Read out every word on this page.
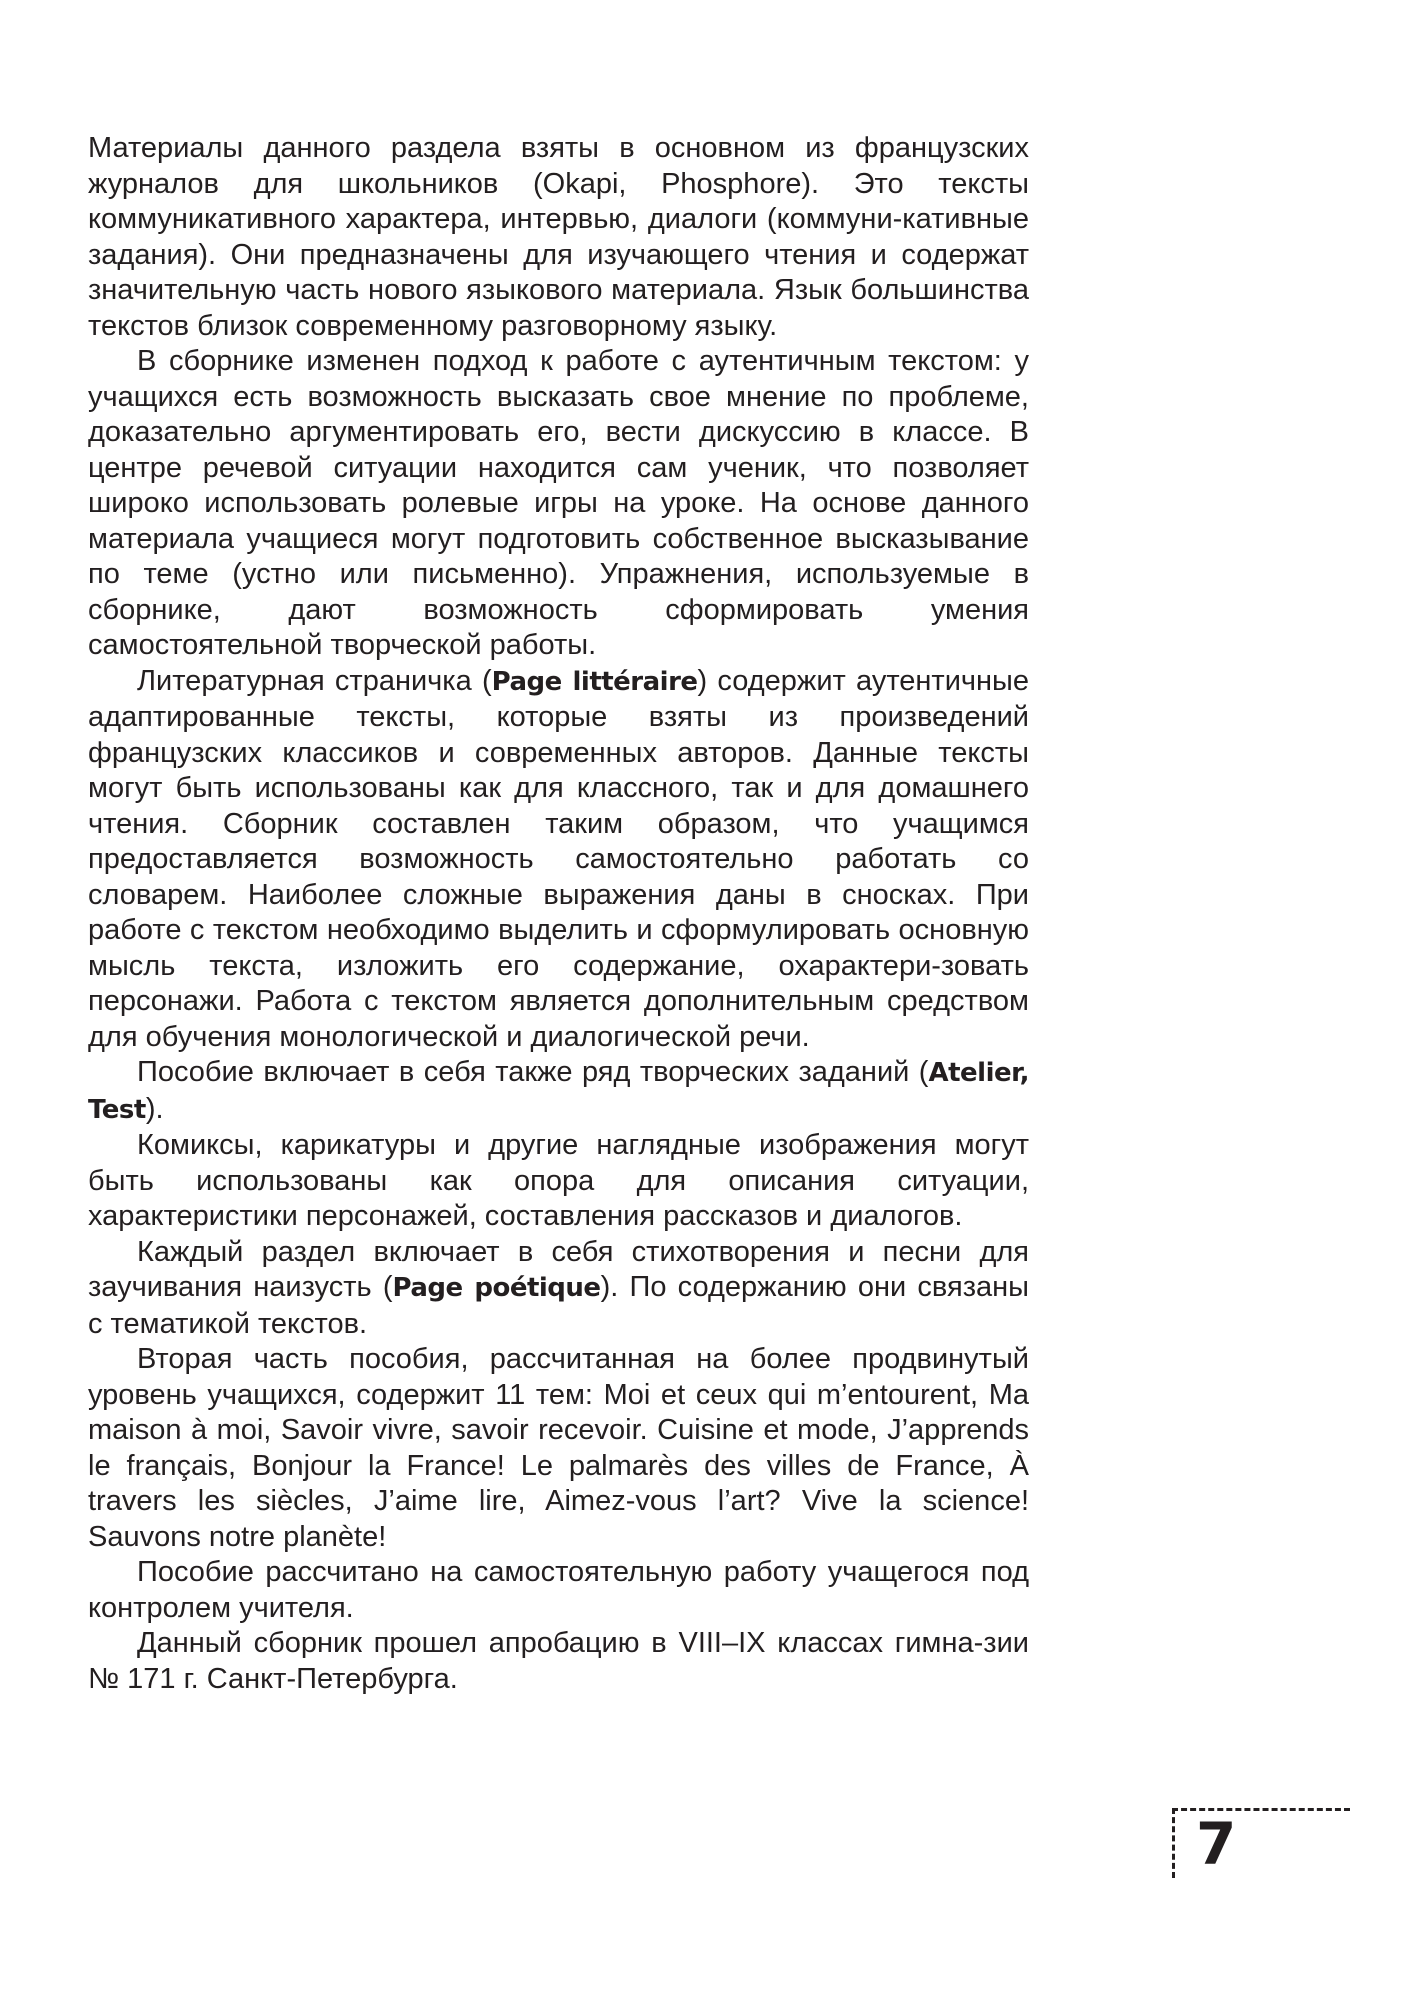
Материалы данного раздела взяты в основном из французских журналов для школьников (Okapi, Phosphore). Это тексты коммуникативного характера, интервью, диалоги (коммуни-кативные задания). Они предназначены для изучающего чтения и содержат значительную часть нового языкового материала. Язык большинства текстов близок современному разговорному языку.

В сборнике изменен подход к работе с аутентичным текстом: у учащихся есть возможность высказать свое мнение по проблеме, доказательно аргументировать его, вести дискуссию в классе. В центре речевой ситуации находится сам ученик, что позволяет широко использовать ролевые игры на уроке. На основе данного материала учащиеся могут подготовить собственное высказывание по теме (устно или письменно). Упражнения, используемые в сборнике, дают возможность сформировать умения самостоятельной творческой работы.

Литературная страничка (Page littéraire) содержит аутентичные адаптированные тексты, которые взяты из произведений французских классиков и современных авторов. Данные тексты могут быть использованы как для классного, так и для домашнего чтения. Сборник составлен таким образом, что учащимся предоставляется возможность самостоятельно работать со словарем. Наиболее сложные выражения даны в сносках. При работе с текстом необходимо выделить и сформулировать основную мысль текста, изложить его содержание, охарактери-зовать персонажи. Работа с текстом является дополнительным средством для обучения монологической и диалогической речи.

Пособие включает в себя также ряд творческих заданий (Atelier, Test).

Комиксы, карикатуры и другие наглядные изображения могут быть использованы как опора для описания ситуации, характеристики персонажей, составления рассказов и диалогов.

Каждый раздел включает в себя стихотворения и песни для заучивания наизусть (Page poétique). По содержанию они связаны с тематикой текстов.

Вторая часть пособия, рассчитанная на более продвинутый уровень учащихся, содержит 11 тем: Moi et ceux qui m’entourent, Ma maison à moi, Savoir vivre, savoir recevoir. Cuisine et mode, J’apprends le français, Bonjour la France! Le palmarès des villes de France, À travers les siècles, J’aime lire, Aimez-vous l’art? Vive la science! Sauvons notre planète!

Пособие рассчитано на самостоятельную работу учащегося под контролем учителя.

Данный сборник прошел апробацию в VIII–IX классах гимна-зии № 171 г. Санкт-Петербурга.

7
